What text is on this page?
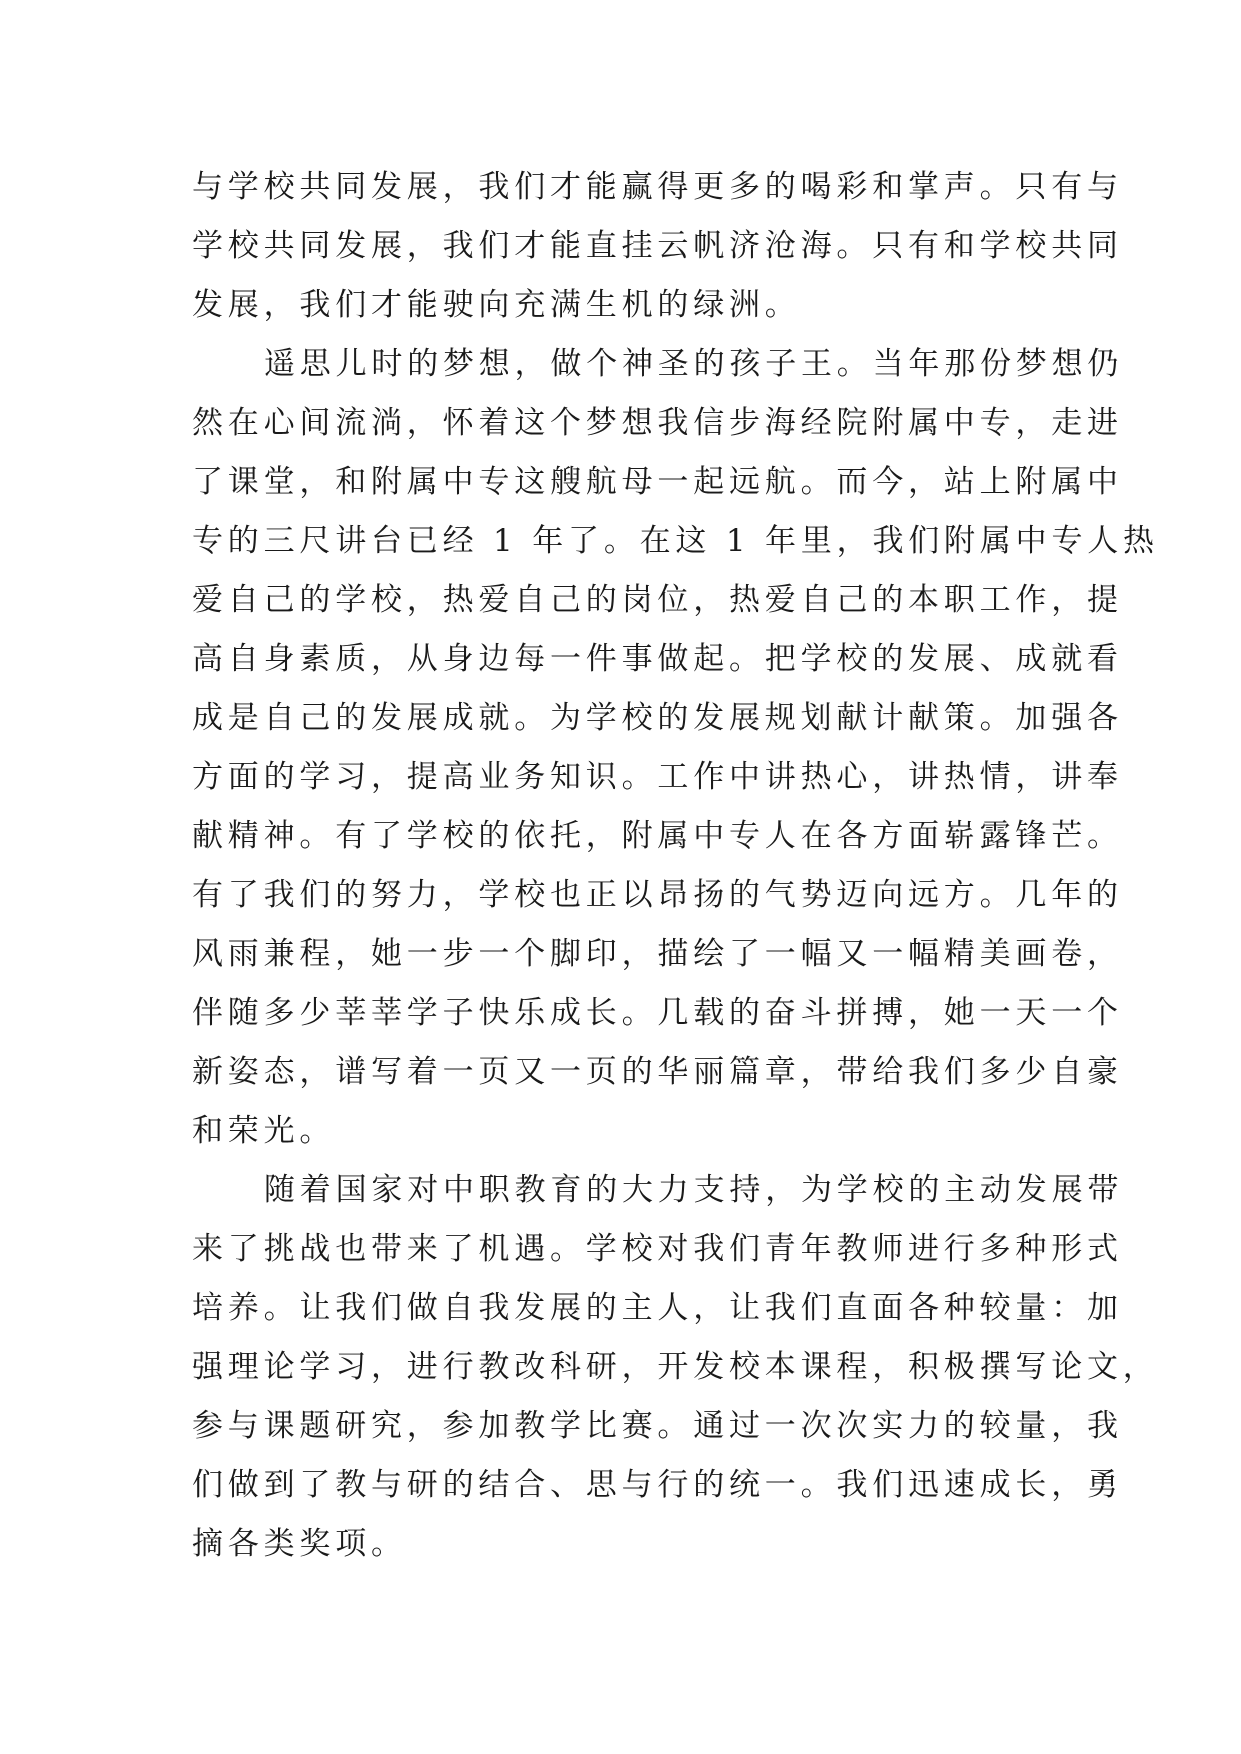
与学校共同发展，我们才能赢得更多的喝彩和掌声。只有与
学校共同发展，我们才能直挂云帆济沧海。只有和学校共同
发展，我们才能驶向充满生机的绿洲。
遥思儿时的梦想，做个神圣的孩子王。当年那份梦想仍
然在心间流淌，怀着这个梦想我信步海经院附属中专，走进
了课堂，和附属中专这艘航母一起远航。而今，站上附属中
专的三尺讲台已经 1 年了。在这 1 年里，我们附属中专人热
爱自己的学校，热爱自己的岗位，热爱自己的本职工作，提
高自身素质，从身边每一件事做起。把学校的发展、成就看
成是自己的发展成就。为学校的发展规划献计献策。加强各
方面的学习，提高业务知识。工作中讲热心，讲热情，讲奉
献精神。有了学校的依托，附属中专人在各方面崭露锋芒。
有了我们的努力，学校也正以昂扬的气势迈向远方。几年的
风雨兼程，她一步一个脚印，描绘了一幅又一幅精美画卷，
伴随多少莘莘学子快乐成长。几载的奋斗拼搏，她一天一个
新姿态，谱写着一页又一页的华丽篇章，带给我们多少自豪
和荣光。
随着国家对中职教育的大力支持，为学校的主动发展带
来了挑战也带来了机遇。学校对我们青年教师进行多种形式
培养。让我们做自我发展的主人，让我们直面各种较量：加
强理论学习，进行教改科研，开发校本课程，积极撰写论文，
参与课题研究，参加教学比赛。通过一次次实力的较量，我
们做到了教与研的结合、思与行的统一。我们迅速成长，勇
摘各类奖项。
